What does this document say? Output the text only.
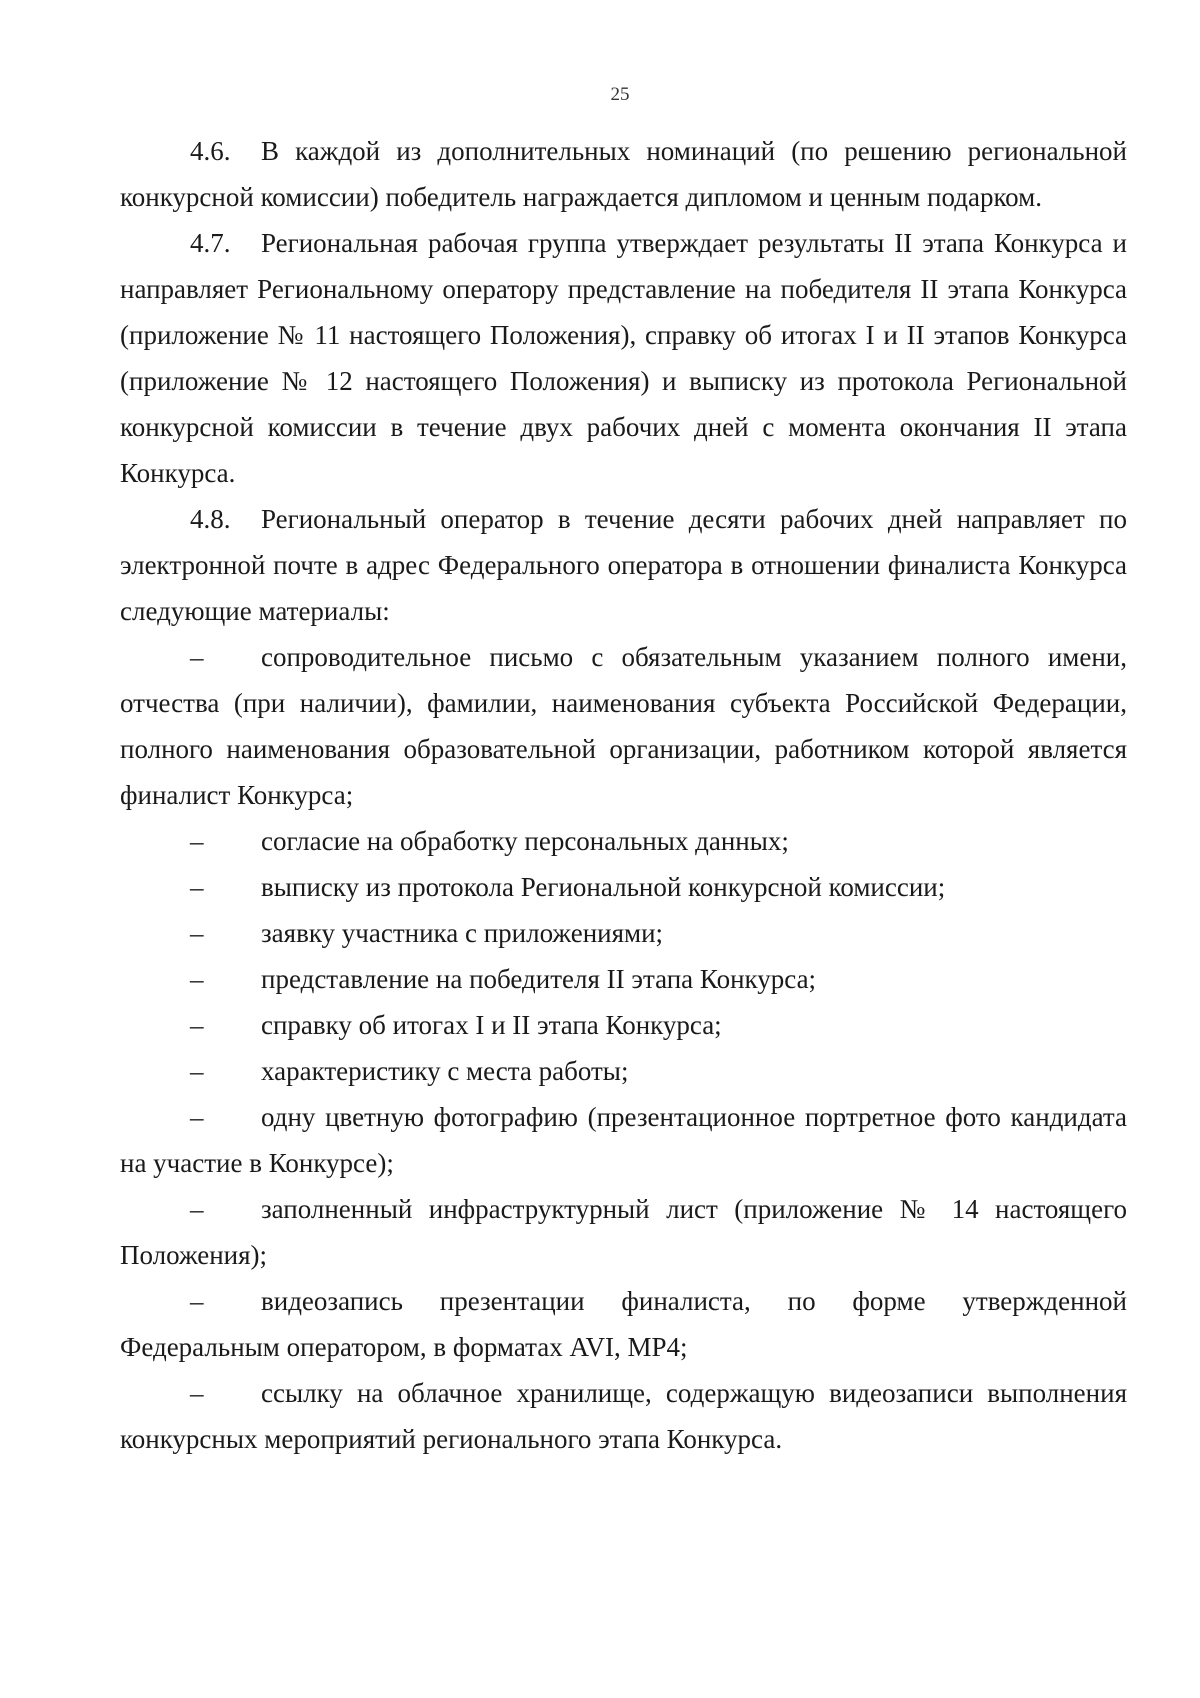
25

4.6. В каждой из дополнительных номинаций (по решению региональной конкурсной комиссии) победитель награждается дипломом и ценным подарком.

4.7. Региональная рабочая группа утверждает результаты II этапа Конкурса и направляет Региональному оператору представление на победителя II этапа Конкурса (приложение № 11 настоящего Положения), справку об итогах I и II этапов Конкурса (приложение № 12 настоящего Положения) и выписку из протокола Региональной конкурсной комиссии в течение двух рабочих дней с момента окончания II этапа Конкурса.

4.8. Региональный оператор в течение десяти рабочих дней направляет по электронной почте в адрес Федерального оператора в отношении финалиста Конкурса следующие материалы:

– сопроводительное письмо с обязательным указанием полного имени, отчества (при наличии), фамилии, наименования субъекта Российской Федерации, полного наименования образовательной организации, работником которой является финалист Конкурса;

– согласие на обработку персональных данных;

– выписку из протокола Региональной конкурсной комиссии;

– заявку участника с приложениями;

– представление на победителя II этапа Конкурса;

– справку об итогах I и II этапа Конкурса;

– характеристику с места работы;

– одну цветную фотографию (презентационное портретное фото кандидата на участие в Конкурсе);

– заполненный инфраструктурный лист (приложение № 14 настоящего Положения);

– видеозапись презентации финалиста, по форме утвержденной Федеральным оператором, в форматах AVI, MP4;

– ссылку на облачное хранилище, содержащую видеозаписи выполнения конкурсных мероприятий регионального этапа Конкурса.
